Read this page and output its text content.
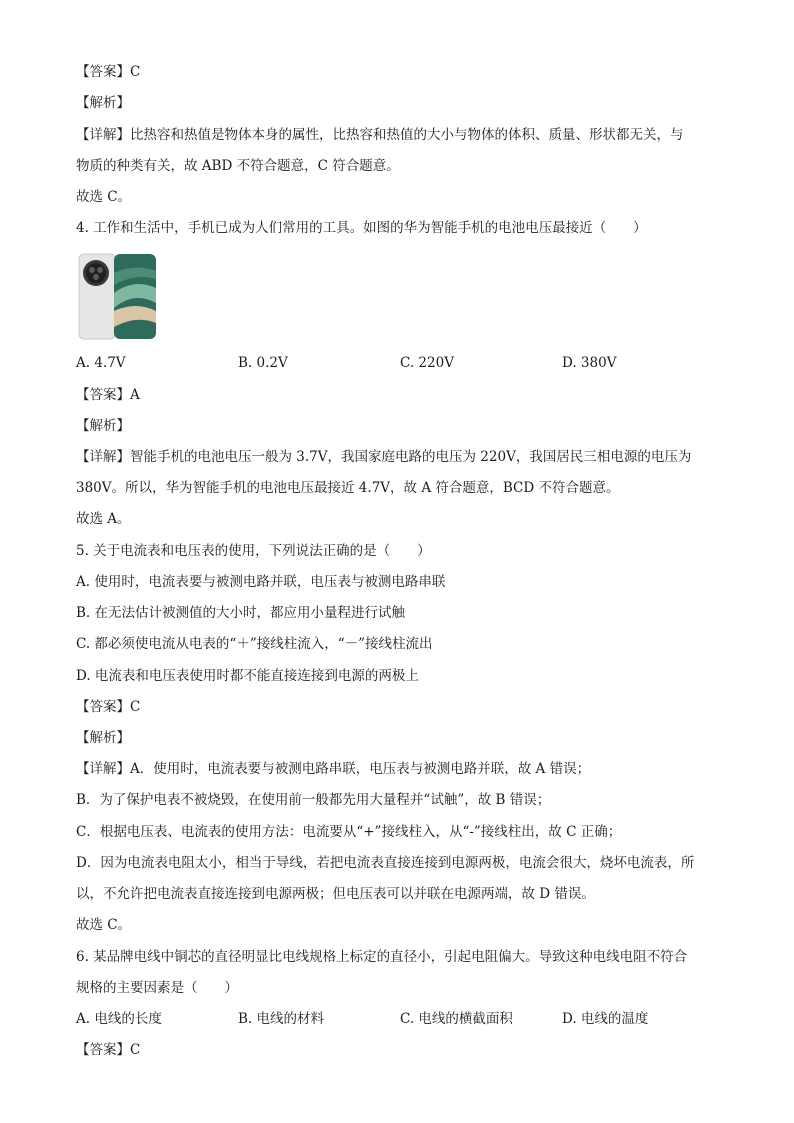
【答案】C
【解析】
【详解】比热容和热值是物体本身的属性，比热容和热值的大小与物体的体积、质量、形状都无关，与
物质的种类有关，故 ABD 不符合题意，C 符合题意。
故选 C。
4. 工作和生活中，手机已成为人们常用的工具。如图的华为智能手机的电池电压最接近（　　）
A. 4.7V	B. 0.2V	C. 220V	D. 380V
【答案】A
【解析】
【详解】智能手机的电池电压一般为 3.7V，我国家庭电路的电压为 220V，我国居民三相电源的电压为
380V。所以，华为智能手机的电池电压最接近 4.7V，故 A 符合题意，BCD 不符合题意。
故选 A。
5. 关于电流表和电压表的使用，下列说法正确的是（　　）
A. 使用时，电流表要与被测电路并联，电压表与被测电路串联
B. 在无法估计被测值的大小时，都应用小量程进行试触
C. 都必须使电流从电表的“＋”接线柱流入，“－”接线柱流出
D. 电流表和电压表使用时都不能直接连接到电源的两极上
【答案】C
【解析】
【详解】A．使用时，电流表要与被测电路串联，电压表与被测电路并联，故 A 错误；
B．为了保护电表不被烧毁，在使用前一般都先用大量程并“试触”，故 B 错误；
C．根据电压表、电流表的使用方法：电流要从“+”接线柱入，从“-”接线柱出，故 C 正确；
D．因为电流表电阻太小，相当于导线，若把电流表直接连接到电源两极，电流会很大，烧坏电流表，所
以，不允许把电流表直接连接到电源两极；但电压表可以并联在电源两端，故 D 错误。
故选 C。
6. 某品牌电线中铜芯的直径明显比电线规格上标定的直径小，引起电阻偏大。导致这种电线电阻不符合
规格的主要因素是（　　）
A. 电线的长度	B. 电线的材料	C. 电线的横截面积	D. 电线的温度
【答案】C
